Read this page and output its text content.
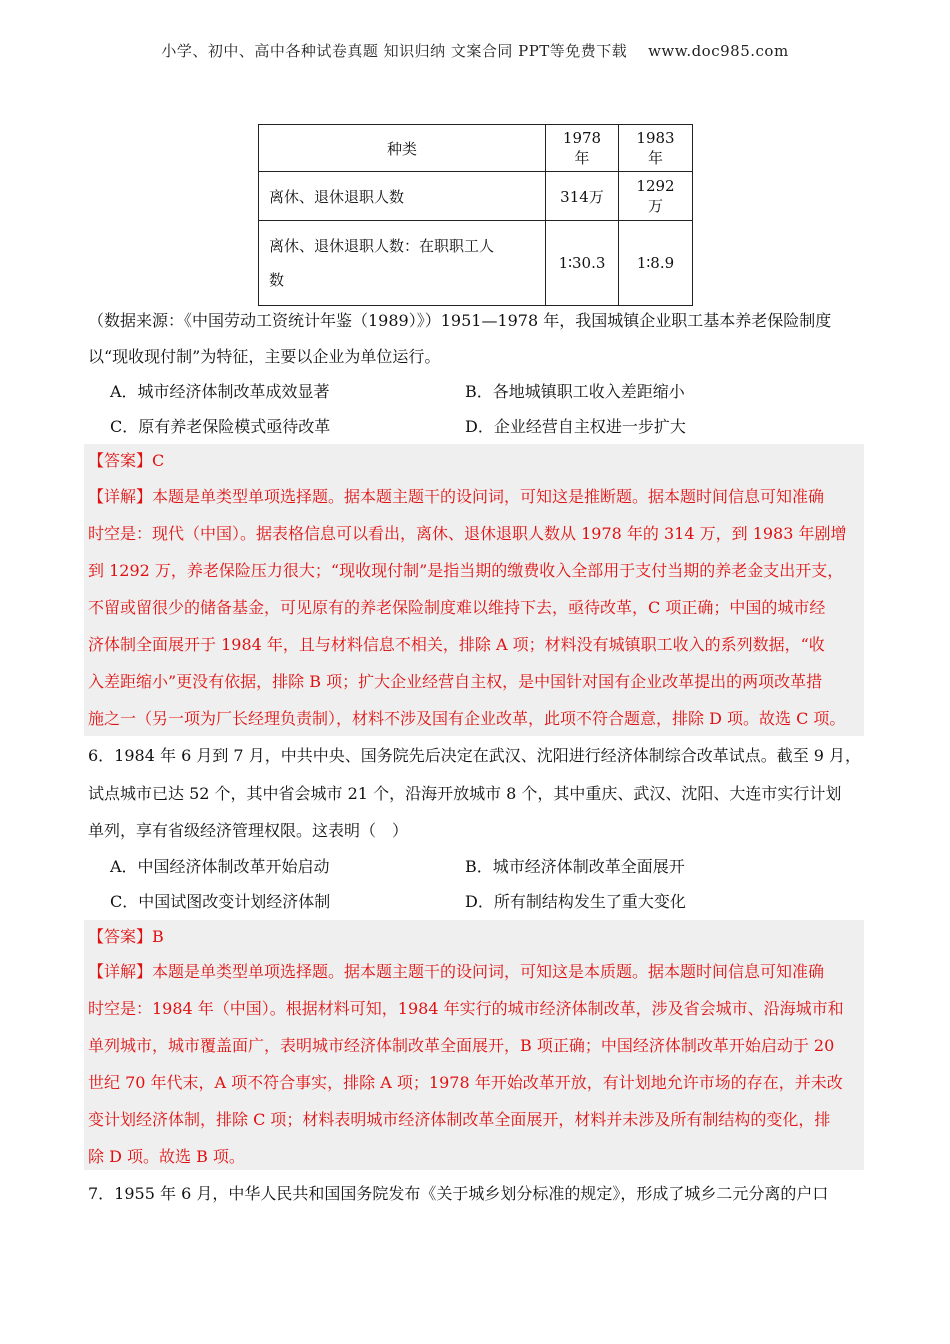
小学、初中、高中各种试卷真题 知识归纳 文案合同 PPT等免费下载　 www.doc985.com
种类	1978年	1983年
离休、退休退职人数	314万	1292万
离休、退休退职人数：在职职工人
数	1∶30.3	1∶8.9
（数据来源：《中国劳动工资统计年鉴（1989）》）1951—1978 年，我国城镇企业职工基本养老保险制度
以“现收现付制”为特征，主要以企业为单位运行。
A．城市经济体制改革成效显著	B．各地城镇职工收入差距缩小
C．原有养老保险模式亟待改革	D．企业经营自主权进一步扩大
【答案】C
【详解】本题是单类型单项选择题。据本题主题干的设问词，可知这是推断题。据本题时间信息可知准确
时空是：现代（中国）。据表格信息可以看出，离休、退休退职人数从 1978 年的 314 万，到 1983 年剧增
到 1292 万，养老保险压力很大；“现收现付制”是指当期的缴费收入全部用于支付当期的养老金支出开支，
不留或留很少的储备基金，可见原有的养老保险制度难以维持下去，亟待改革，C 项正确；中国的城市经
济体制全面展开于 1984 年，且与材料信息不相关，排除 A 项；材料没有城镇职工收入的系列数据，“收
入差距缩小”更没有依据，排除 B 项；扩大企业经营自主权，是中国针对国有企业改革提出的两项改革措
施之一（另一项为厂长经理负责制），材料不涉及国有企业改革，此项不符合题意，排除 D 项。故选 C 项。
6．1984 年 6 月到 7 月，中共中央、国务院先后决定在武汉、沈阳进行经济体制综合改革试点。截至 9 月，
试点城市已达 52 个，其中省会城市 21 个，沿海开放城市 8 个，其中重庆、武汉、沈阳、大连市实行计划
单列，享有省级经济管理权限。这表明（　）
A．中国经济体制改革开始启动	B．城市经济体制改革全面展开
C．中国试图改变计划经济体制	D．所有制结构发生了重大变化
【答案】B
【详解】本题是单类型单项选择题。据本题主题干的设问词，可知这是本质题。据本题时间信息可知准确
时空是：1984 年（中国）。根据材料可知，1984 年实行的城市经济体制改革，涉及省会城市、沿海城市和
单列城市，城市覆盖面广，表明城市经济体制改革全面展开，B 项正确；中国经济体制改革开始启动于 20
世纪 70 年代末，A 项不符合事实，排除 A 项；1978 年开始改革开放，有计划地允许市场的存在，并未改
变计划经济体制，排除 C 项；材料表明城市经济体制改革全面展开，材料并未涉及所有制结构的变化，排
除 D 项。故选 B 项。
7．1955 年 6 月，中华人民共和国国务院发布《关于城乡划分标准的规定》，形成了城乡二元分离的户口
